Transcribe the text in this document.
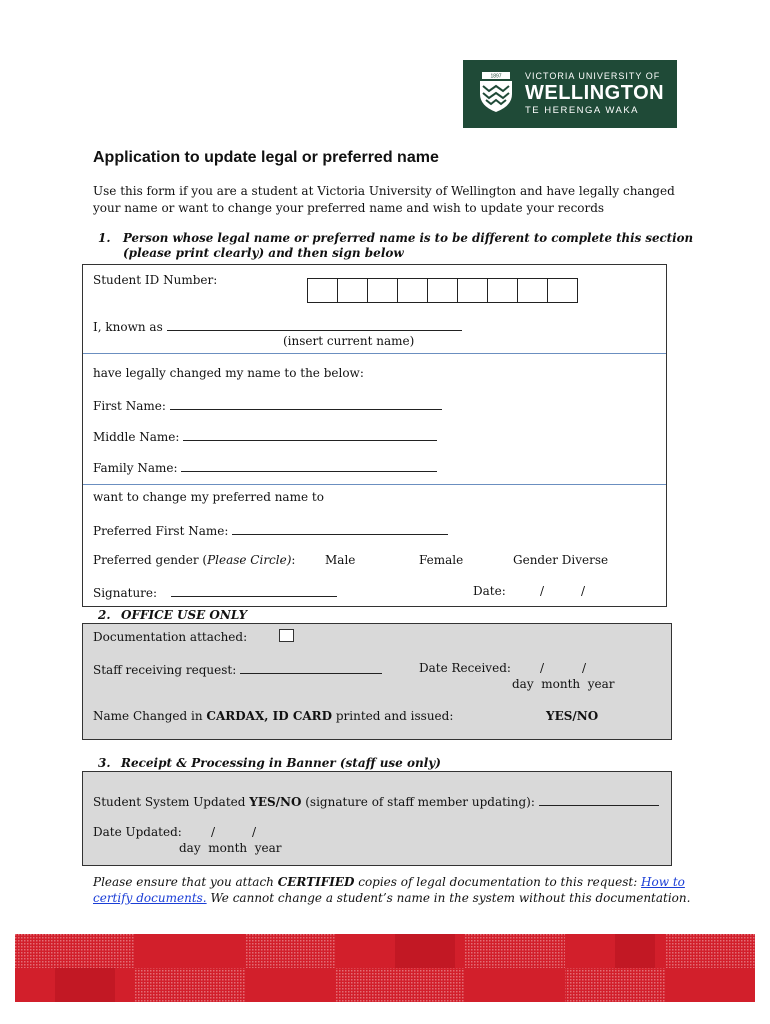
1897	VICTORIA UNIVERSITY OF
WELLINGTON
TE HERENGA WAKA
Application to update legal or preferred name
Use this form if you are a student at Victoria University of Wellington and have legally changed your name or want to change your preferred name and wish to update your records
1. Person whose legal name or preferred name is to be different to complete this section
(please print clearly) and then sign below
Student ID Number:
I, known as
(insert current name)
have legally changed my name to the below:
First Name:
Middle Name:
Family Name:
want to change my preferred name to
Preferred First Name:
Preferred gender (Please Circle): Male	Female	Gender Diverse
Signature:	Date:	/	/
2. OFFICE USE ONLY
Documentation attached:
Staff receiving request:	Date Received: /	/
day  month  year
Name Changed in CARDAX, ID CARD printed and issued:	YES/NO
3. Receipt & Processing in Banner (staff use only)
Student System Updated YES/NO (signature of staff member updating):
Date Updated: /	/
day  month  year
Please ensure that you attach CERTIFIED copies of legal documentation to this request: How to certify documents. We cannot change a student’s name in the system without this documentation.
